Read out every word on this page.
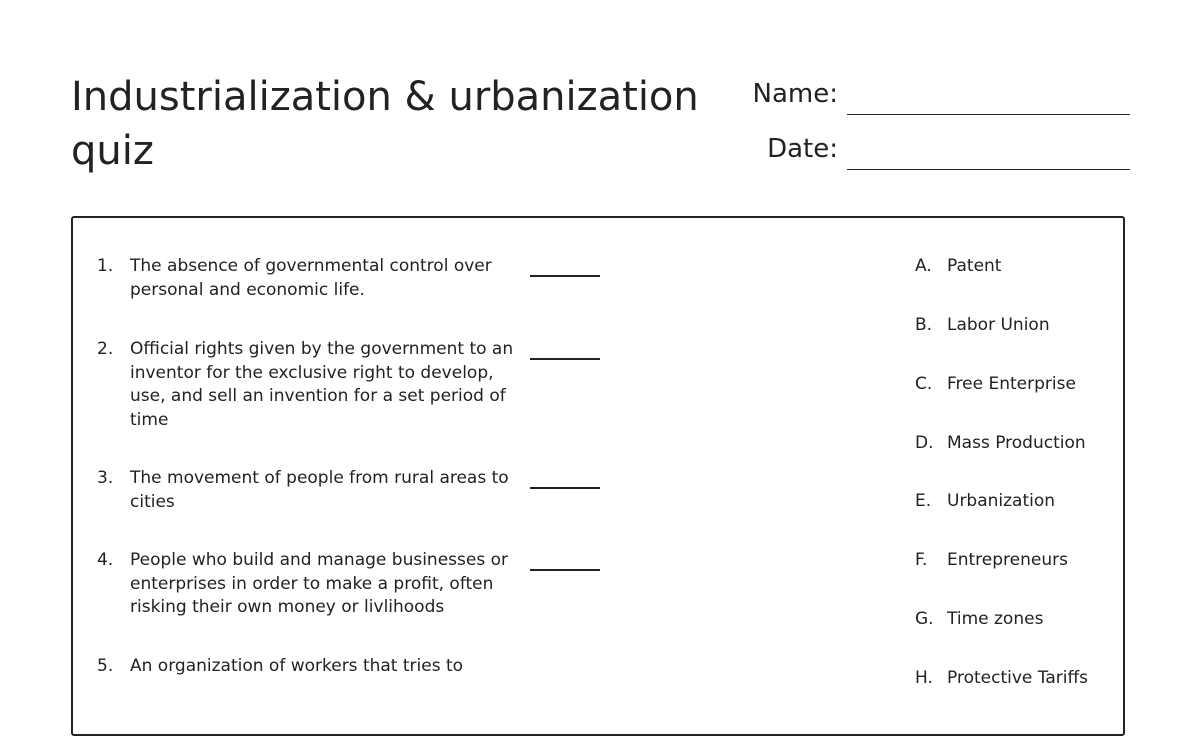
Industrialization & urbanization quiz
Name:
Date:
1. The absence of governmental control over personal and economic life.
2. Official rights given by the government to an inventor for the exclusive right to develop, use, and sell an invention for a set period of time
3. The movement of people from rural areas to cities
4. People who build and manage businesses or enterprises in order to make a profit, often risking their own money or livlihoods
5. An organization of workers that tries to
A. Patent
B. Labor Union
C. Free Enterprise
D. Mass Production
E. Urbanization
F. Entrepreneurs
G. Time zones
H. Protective Tariffs
